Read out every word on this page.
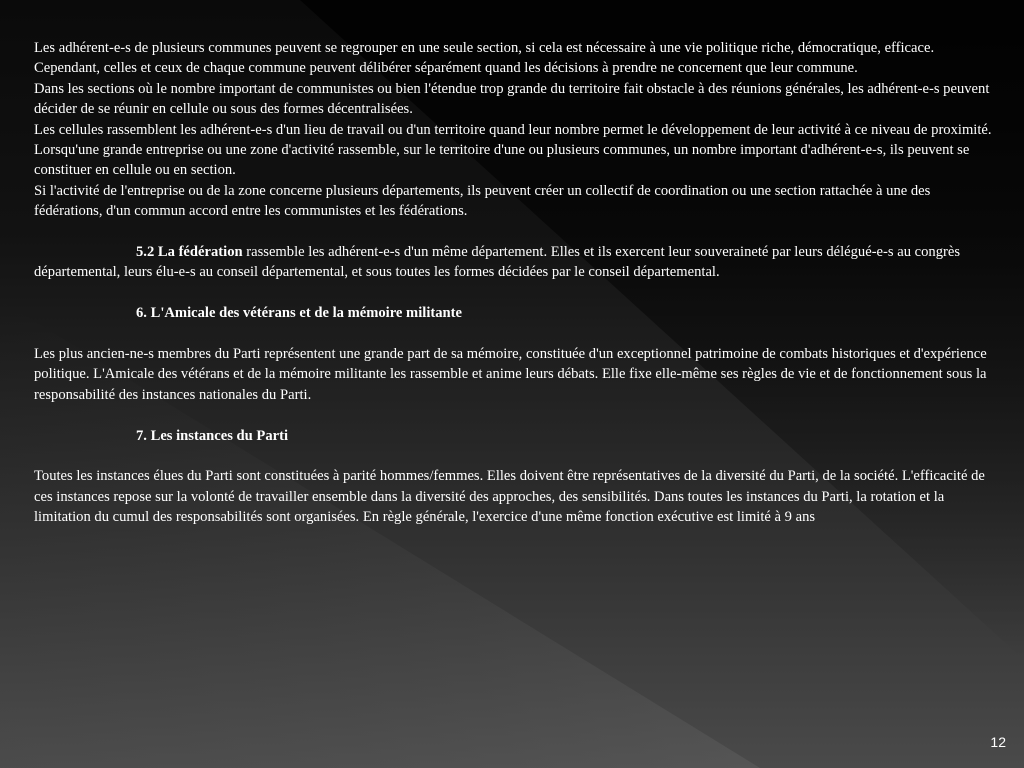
Les adhérent-e-s de plusieurs communes peuvent se regrouper en une seule section, si cela est nécessaire à une vie politique riche, démocratique, efficace. Cependant, celles et ceux de chaque commune peuvent délibérer séparément quand les décisions à prendre ne concernent que leur commune.

Dans les sections où le nombre important de communistes ou bien l'étendue trop grande du territoire fait obstacle à des réunions générales, les adhérent-e-s peuvent décider de se réunir en cellule ou sous des formes décentralisées.

Les cellules rassemblent les adhérent-e-s d'un lieu de travail ou d'un territoire quand leur nombre permet le développement de leur activité à ce niveau de proximité.

Lorsqu'une grande entreprise ou une zone d'activité rassemble, sur le territoire d'une ou plusieurs communes, un nombre important d'adhérent-e-s, ils peuvent se constituer en cellule ou en section.

Si l'activité de l'entreprise ou de la zone concerne plusieurs départements, ils peuvent créer un collectif de coordination ou une section rattachée à une des fédérations, d'un commun accord entre les communistes et les fédérations.

5.2 La fédération rassemble les adhérent-e-s d'un même département. Elles et ils exercent leur souveraineté par leurs délégué-e-s au congrès départemental, leurs élu-e-s au conseil départemental, et sous toutes les formes décidées par le conseil départemental.

6. L'Amicale des vétérans et de la mémoire militante

Les plus ancien-ne-s membres du Parti représentent une grande part de sa mémoire, constituée d'un exceptionnel patrimoine de combats historiques et d'expérience politique. L'Amicale des vétérans et de la mémoire militante les rassemble et anime leurs débats. Elle fixe elle-même ses règles de vie et de fonctionnement sous la responsabilité des instances nationales du Parti.

7. Les instances du Parti

Toutes les instances élues du Parti sont constituées à parité hommes/femmes. Elles doivent être représentatives de la diversité du Parti, de la société. L'efficacité de ces instances repose sur la volonté de travailler ensemble dans la diversité des approches, des sensibilités. Dans toutes les instances du Parti, la rotation et la limitation du cumul des responsabilités sont organisées. En règle générale, l'exercice d'une même fonction exécutive est limité à 9 ans

12
